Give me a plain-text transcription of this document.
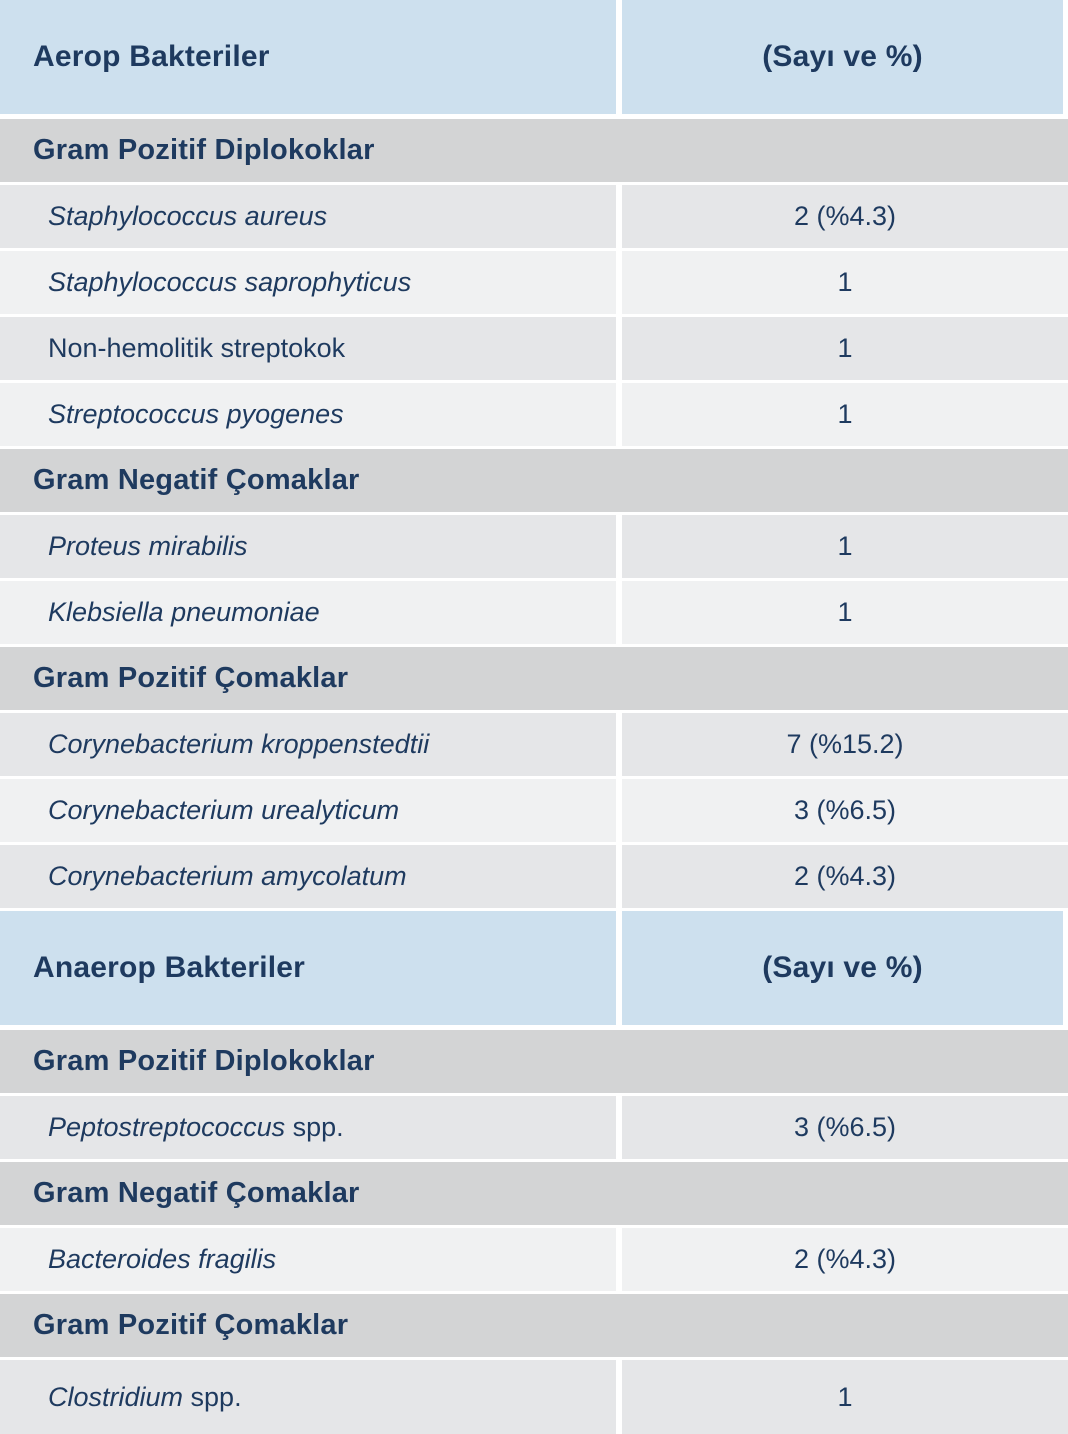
Aerop Bakteriler	(Sayı ve %)
Gram Pozitif Diplokoklar
Staphylococcus aureus	2 (%4.3)
Staphylococcus saprophyticus	1
Non-hemolitik streptokok	1
Streptococcus pyogenes	1
Gram Negatif Çomaklar
Proteus mirabilis	1
Klebsiella pneumoniae	1
Gram Pozitif Çomaklar
Corynebacterium kroppenstedtii	7 (%15.2)
Corynebacterium urealyticum	3 (%6.5)
Corynebacterium amycolatum	2 (%4.3)
Anaerop Bakteriler	(Sayı ve %)
Gram Pozitif Diplokoklar
Peptostreptococcus spp.	3 (%6.5)
Gram Negatif Çomaklar
Bacteroides fragilis	2 (%4.3)
Gram Pozitif Çomaklar
Clostridium spp.	1
